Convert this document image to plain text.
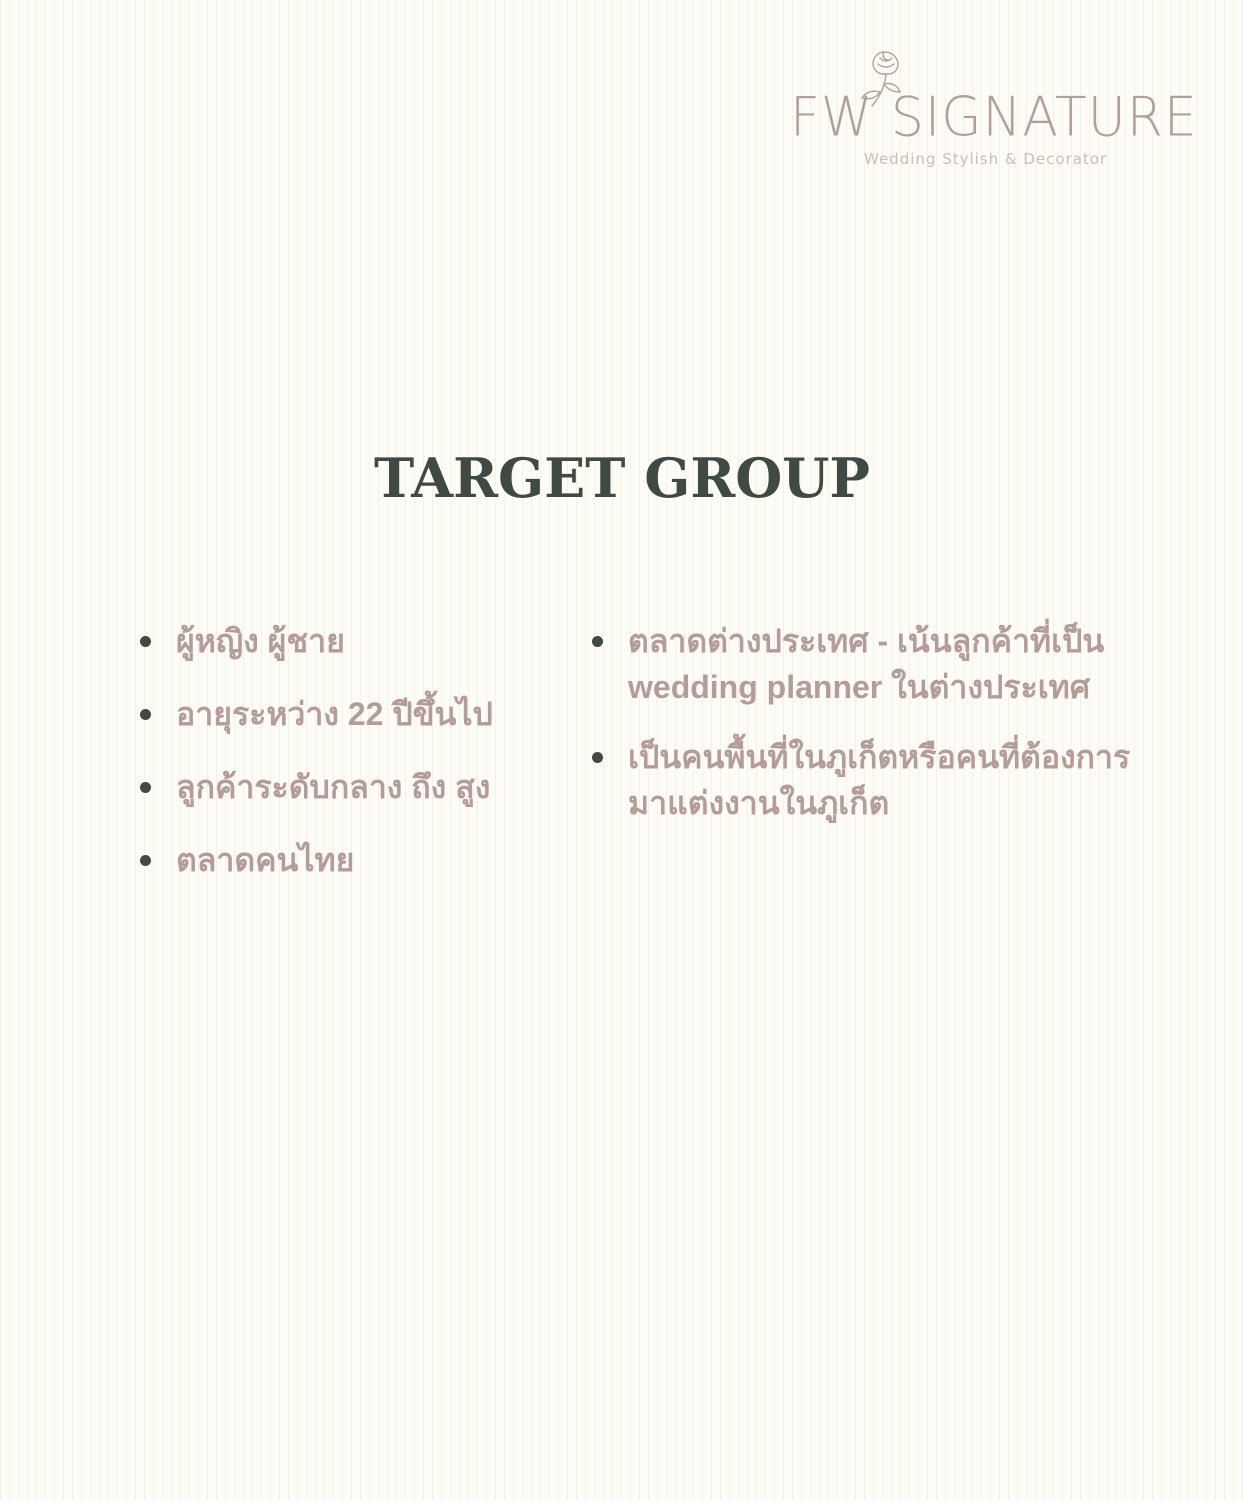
FW SIGNATURE
Wedding Stylish & Decorator
TARGET GROUP
ผู้หญิง ผู้ชาย
อายุระหว่าง 22 ปีขึ้นไป
ลูกค้าระดับกลาง ถึง สูง
ตลาดคนไทย
ตลาดต่างประเทศ - เน้นลูกค้าที่เป็น
wedding planner ในต่างประเทศ
เป็นคนพื้นที่ในภูเก็ตหรือคนที่ต้องการ
มาแต่งงานในภูเก็ต
